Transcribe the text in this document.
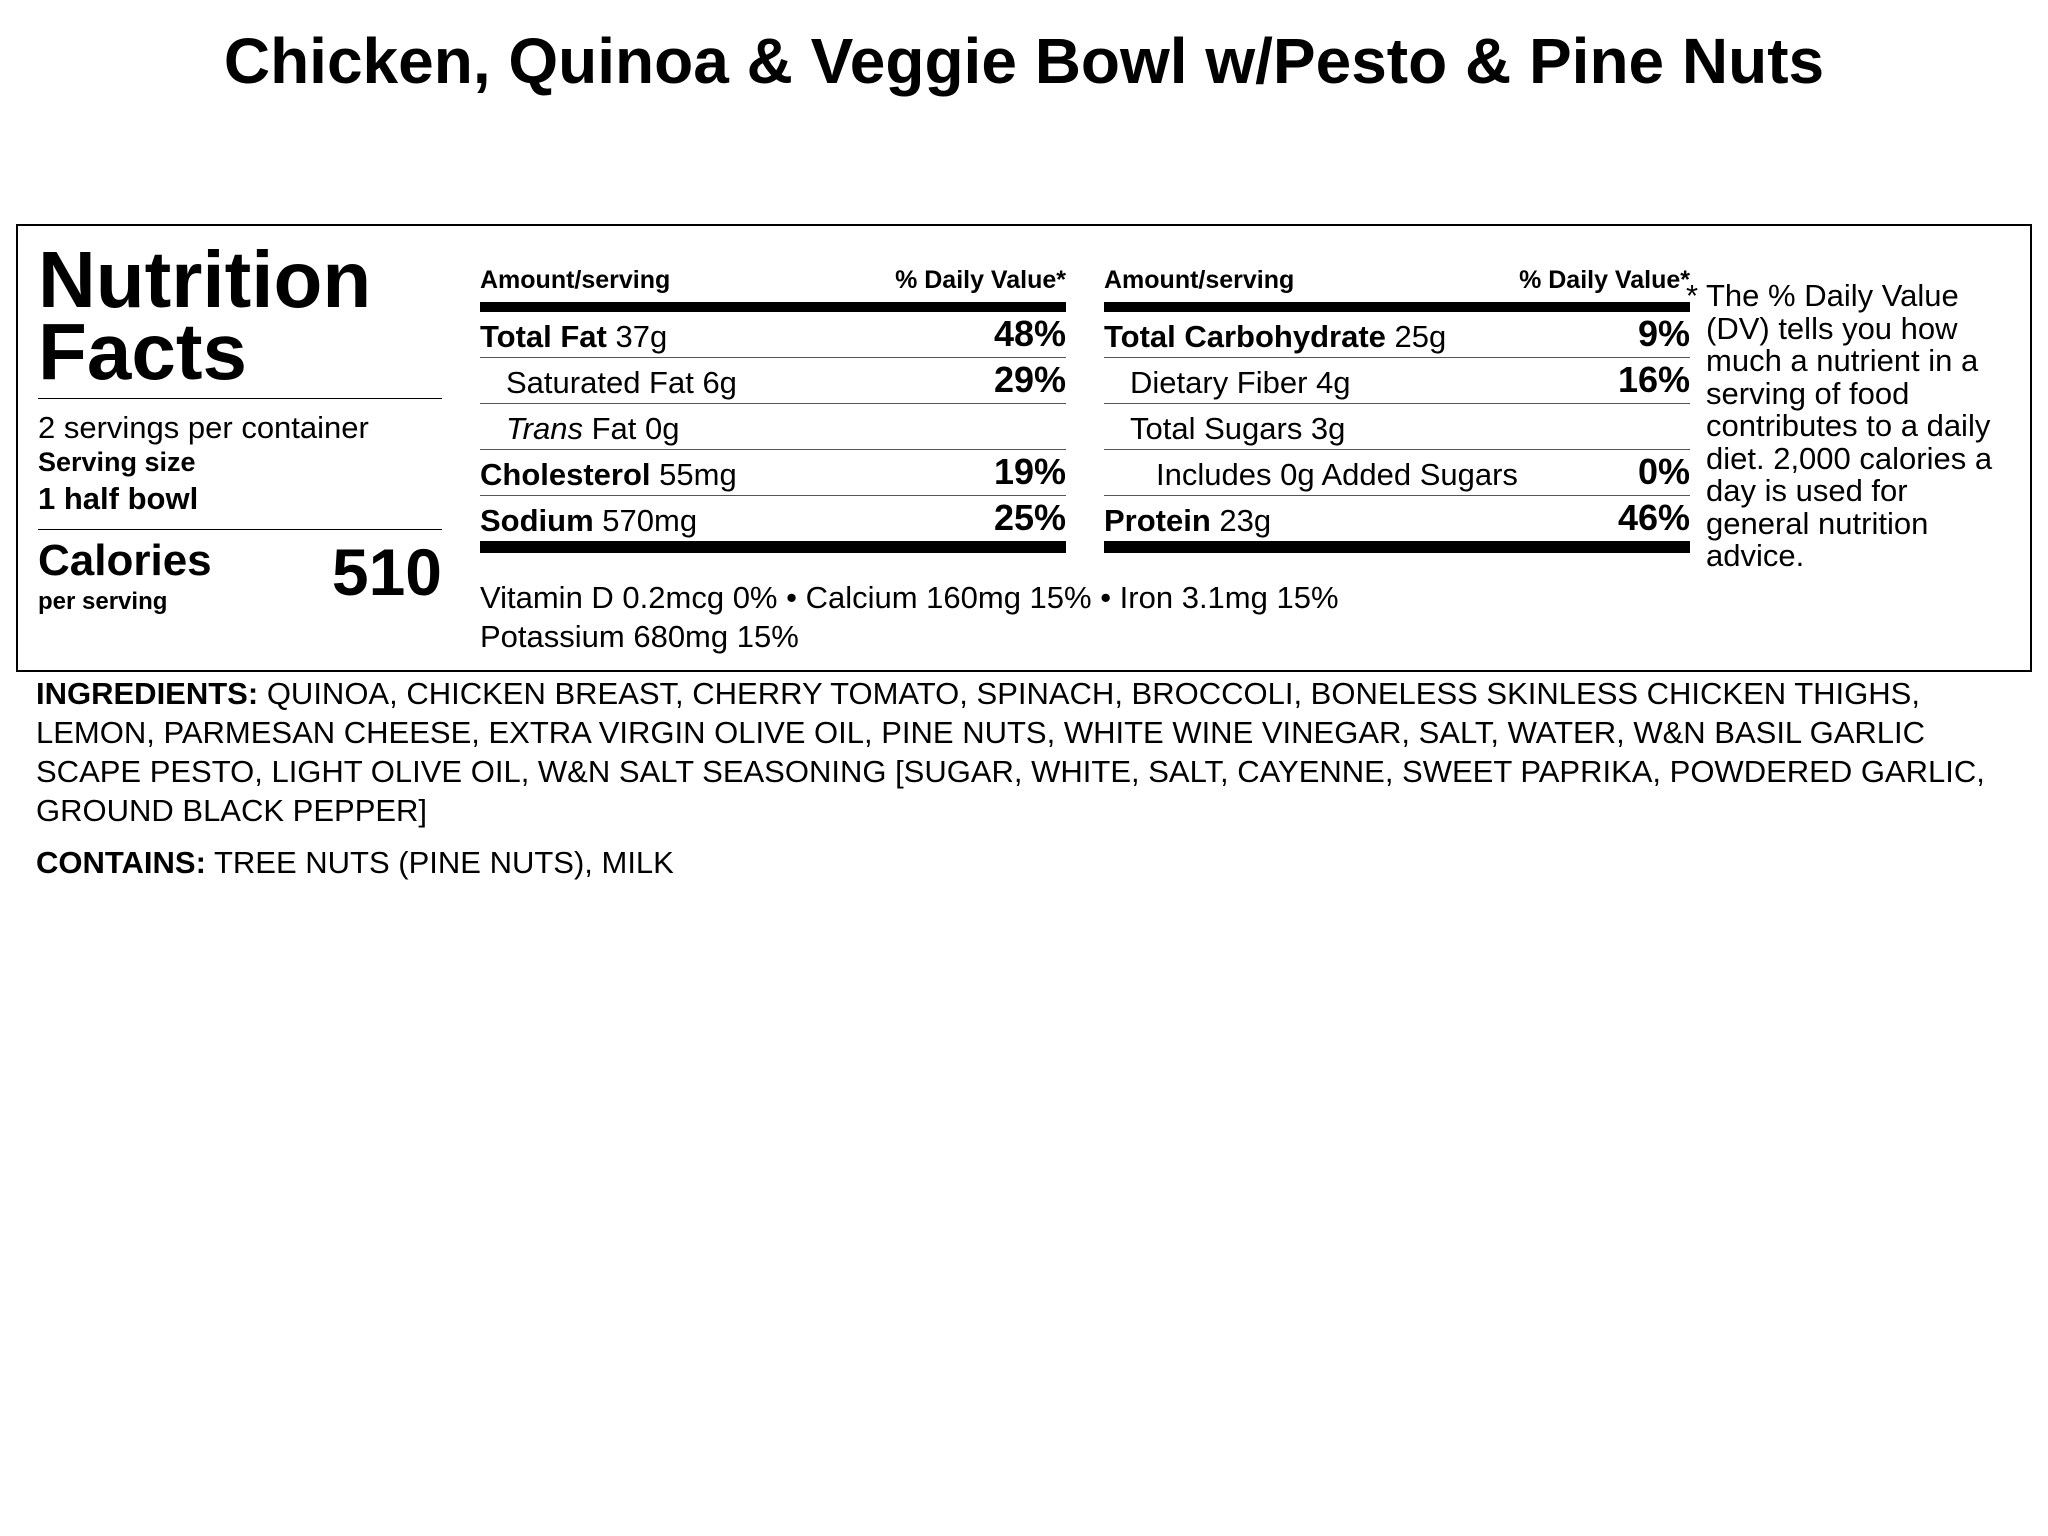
Chicken, Quinoa & Veggie Bowl w/Pesto & Pine Nuts
Nutrition
Facts
2 servings per container
Serving size
1 half bowl
Calories
per serving 510
Amount/serving	% Daily Value*
Total Fat 37g	48%
Saturated Fat 6g	29%
Trans Fat 0g
Cholesterol 55mg	19%
Sodium 570mg	25%
Amount/serving	% Daily Value*
Total Carbohydrate 25g	9%
Dietary Fiber 4g	16%
Total Sugars 3g
Includes 0g Added Sugars	0%
Protein 23g	46%
Vitamin D 0.2mcg 0% • Calcium 160mg 15% • Iron 3.1mg 15%
Potassium 680mg 15%
* The % Daily Value (DV) tells you how much a nutrient in a serving of food contributes to a daily diet. 2,000 calories a day is used for general nutrition advice.
INGREDIENTS: QUINOA, CHICKEN BREAST, CHERRY TOMATO, SPINACH, BROCCOLI, BONELESS SKINLESS CHICKEN THIGHS, LEMON, PARMESAN CHEESE, EXTRA VIRGIN OLIVE OIL, PINE NUTS, WHITE WINE VINEGAR, SALT, WATER, W&N BASIL GARLIC SCAPE PESTO, LIGHT OLIVE OIL, W&N SALT SEASONING [SUGAR, WHITE, SALT, CAYENNE, SWEET PAPRIKA, POWDERED GARLIC, GROUND BLACK PEPPER]
CONTAINS: TREE NUTS (PINE NUTS), MILK
